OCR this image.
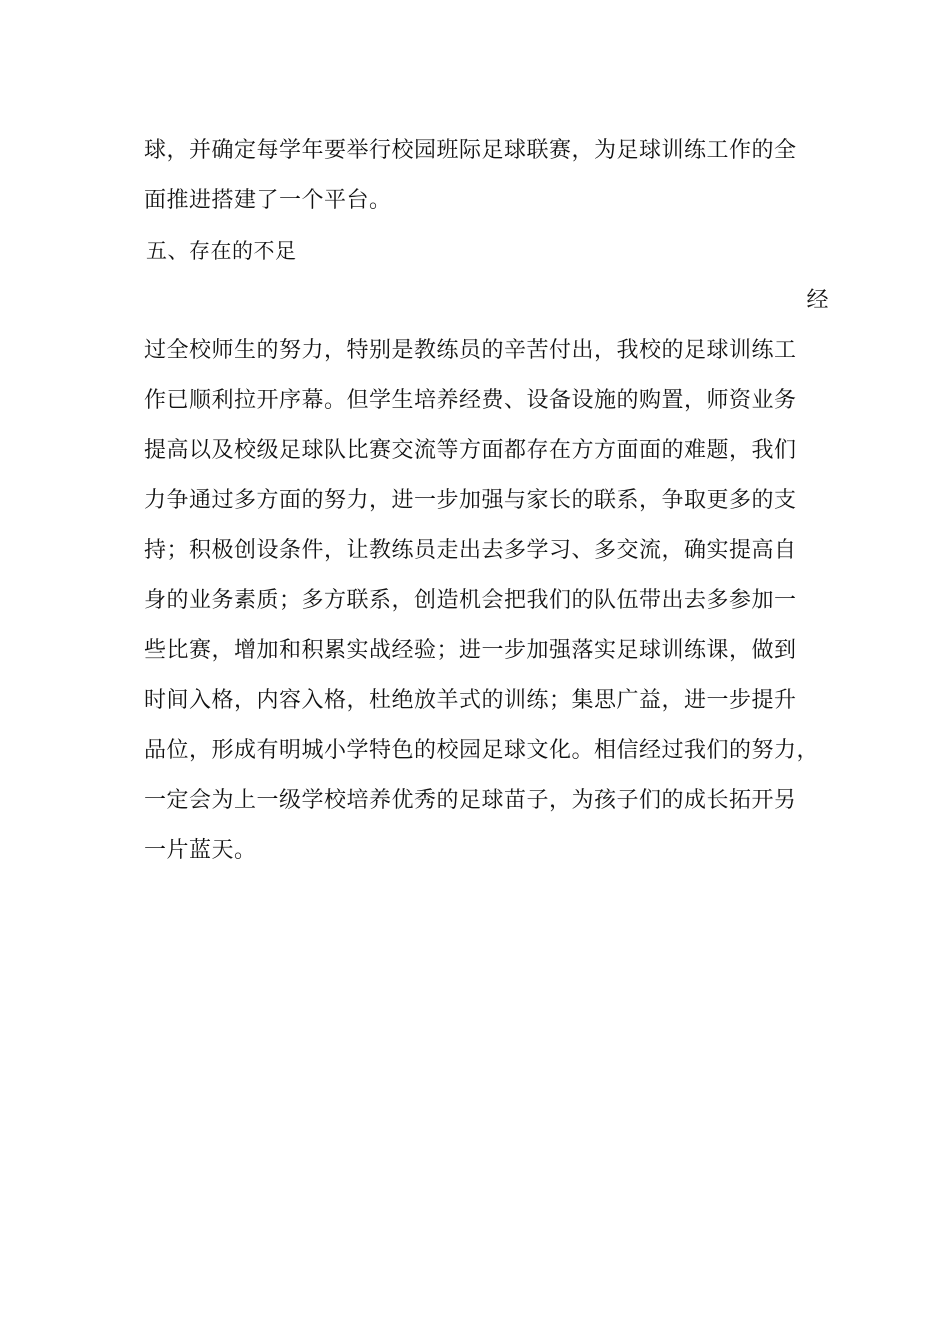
球，并确定每学年要举行校园班际足球联赛，为足球训练工作的全
面推进搭建了一个平台。
五、存在的不足
经
过全校师生的努力，特别是教练员的辛苦付出，我校的足球训练工
作已顺利拉开序幕。但学生培养经费、设备设施的购置，师资业务
提高以及校级足球队比赛交流等方面都存在方方面面的难题，我们
力争通过多方面的努力，进一步加强与家长的联系，争取更多的支
持；积极创设条件，让教练员走出去多学习、多交流，确实提高自
身的业务素质；多方联系，创造机会把我们的队伍带出去多参加一
些比赛，增加和积累实战经验；进一步加强落实足球训练课，做到
时间入格，内容入格，杜绝放羊式的训练；集思广益，进一步提升
品位，形成有明城小学特色的校园足球文化。相信经过我们的努力，
一定会为上一级学校培养优秀的足球苗子，为孩子们的成长拓开另
一片蓝天。
